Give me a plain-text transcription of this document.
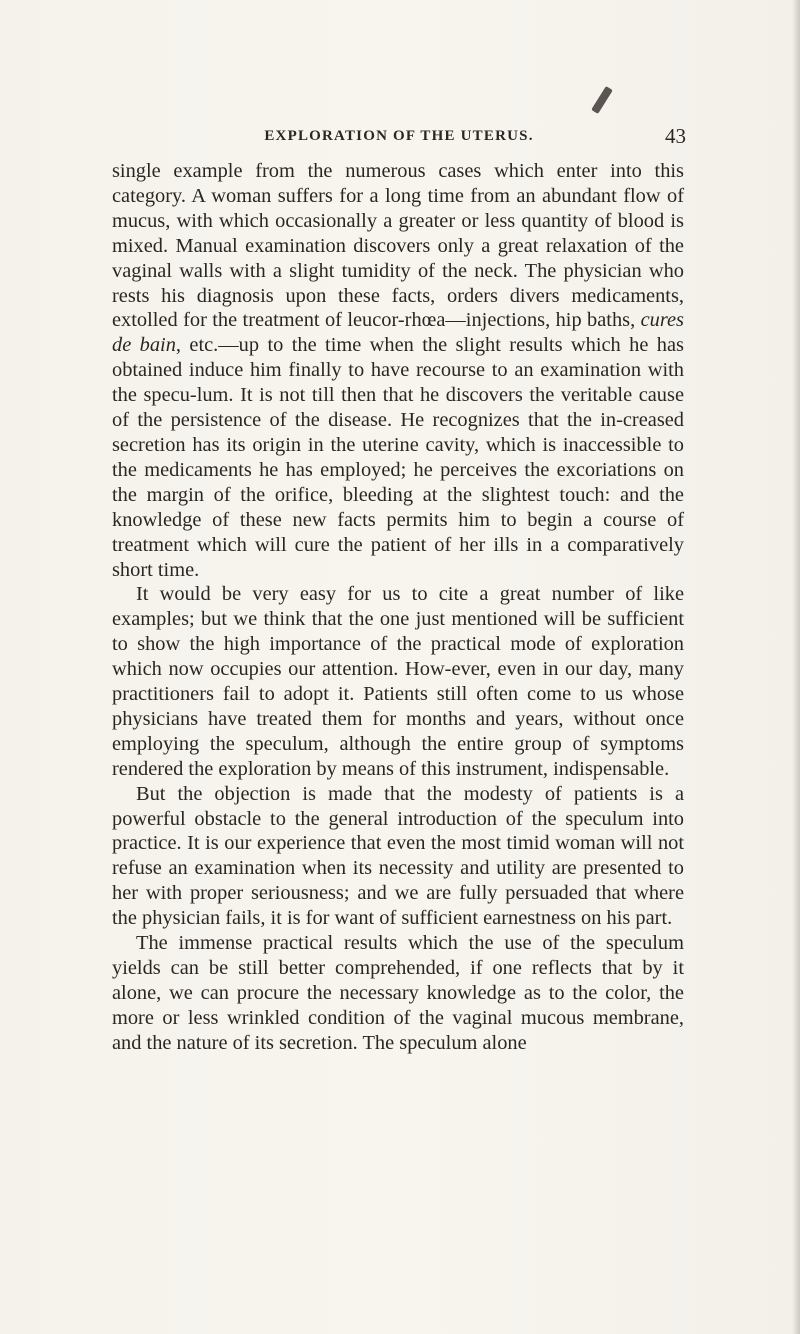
EXPLORATION OF THE UTERUS.	43

single example from the numerous cases which enter into this category. A woman suffers for a long time from an abundant flow of mucus, with which occasionally a greater or less quantity of blood is mixed. Manual examination discovers only a great relaxation of the vaginal walls with a slight tumidity of the neck. The physician who rests his diagnosis upon these facts, orders divers medicaments, extolled for the treatment of leucor-rhœa—injections, hip baths, cures de bain, etc.—up to the time when the slight results which he has obtained induce him finally to have recourse to an examination with the specu-lum. It is not till then that he discovers the veritable cause of the persistence of the disease. He recognizes that the in-creased secretion has its origin in the uterine cavity, which is inaccessible to the medicaments he has employed; he perceives the excoriations on the margin of the orifice, bleeding at the slightest touch: and the knowledge of these new facts permits him to begin a course of treatment which will cure the patient of her ills in a comparatively short time.

It would be very easy for us to cite a great number of like examples; but we think that the one just mentioned will be sufficient to show the high importance of the practical mode of exploration which now occupies our attention. How-ever, even in our day, many practitioners fail to adopt it. Patients still often come to us whose physicians have treated them for months and years, without once employing the speculum, although the entire group of symptoms rendered the exploration by means of this instrument, indispensable.

But the objection is made that the modesty of patients is a powerful obstacle to the general introduction of the speculum into practice. It is our experience that even the most timid woman will not refuse an examination when its necessity and utility are presented to her with proper seriousness; and we are fully persuaded that where the physician fails, it is for want of sufficient earnestness on his part.

The immense practical results which the use of the speculum yields can be still better comprehended, if one reflects that by it alone, we can procure the necessary knowledge as to the color, the more or less wrinkled condition of the vaginal mucous membrane, and the nature of its secretion. The speculum alone
